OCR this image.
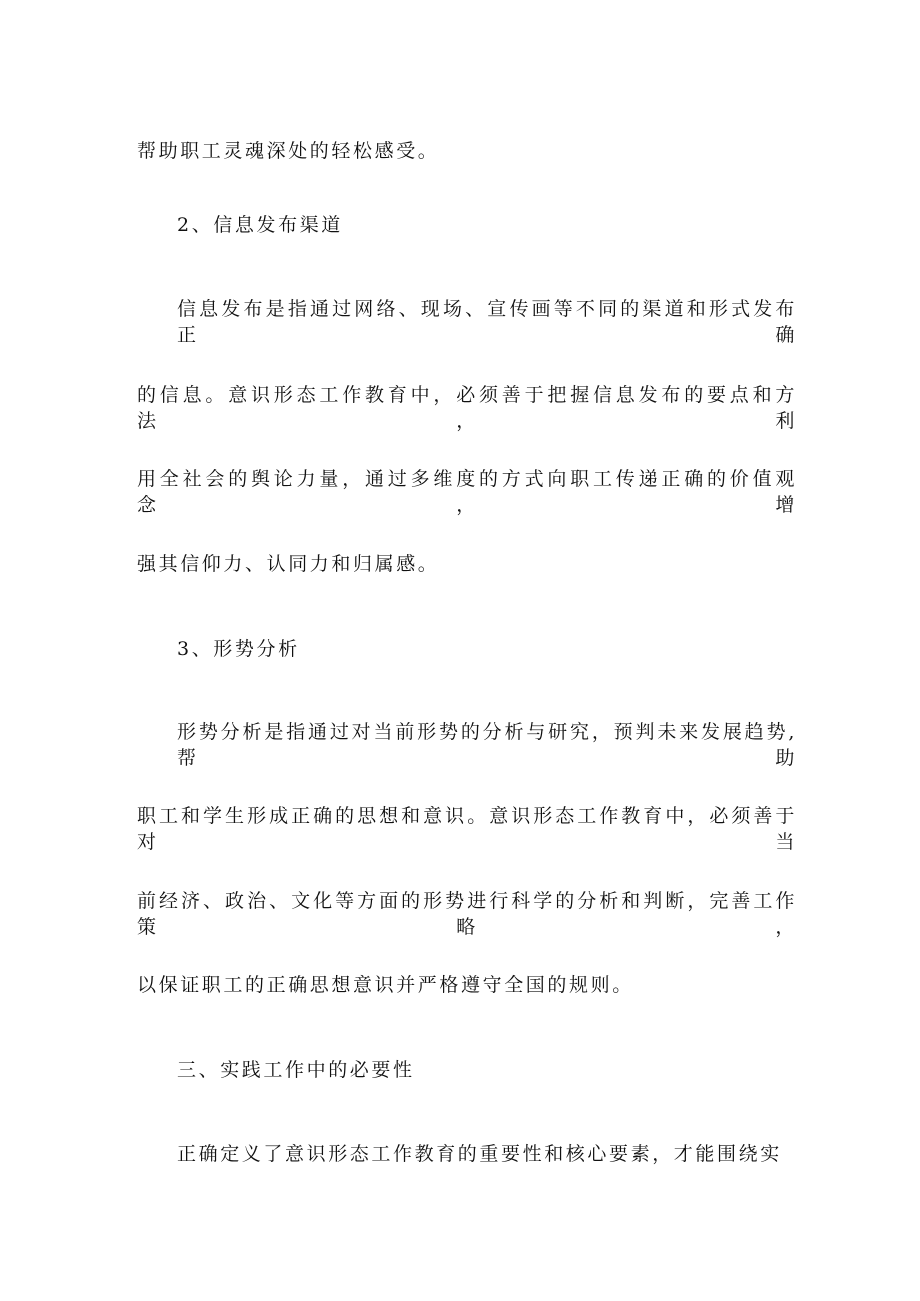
帮助职工灵魂深处的轻松感受。
2、信息发布渠道
信息发布是指通过网络、现场、宣传画等不同的渠道和形式发布正确
的信息。意识形态工作教育中，必须善于把握信息发布的要点和方法，利
用全社会的舆论力量，通过多维度的方式向职工传递正确的价值观念，增
强其信仰力、认同力和归属感。
3、形势分析
形势分析是指通过对当前形势的分析与研究，预判未来发展趋势,帮助
职工和学生形成正确的思想和意识。意识形态工作教育中，必须善于对当
前经济、政治、文化等方面的形势进行科学的分析和判断，完善工作策略，
以保证职工的正确思想意识并严格遵守全国的规则。
三、实践工作中的必要性
正确定义了意识形态工作教育的重要性和核心要素，才能围绕实
